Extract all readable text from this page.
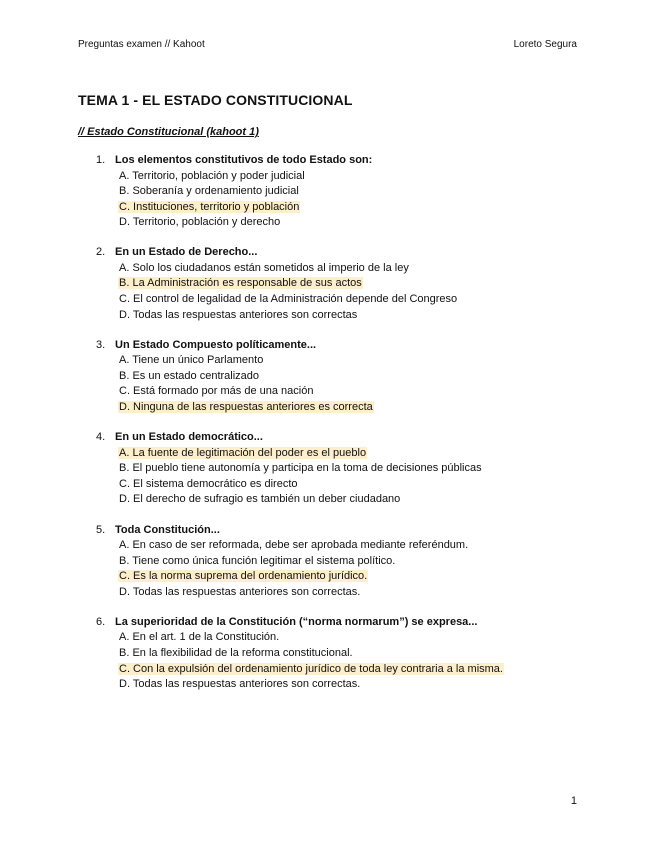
Preguntas examen // Kahoot	Loreto Segura
TEMA 1 - EL ESTADO CONSTITUCIONAL
// Estado Constitucional (kahoot 1)
1. Los elementos constitutivos de todo Estado son:
A. Territorio, población y poder judicial
B. Soberanía y ordenamiento judicial
C. Instituciones, territorio y población
D. Territorio, población y derecho
2. En un Estado de Derecho...
A. Solo los ciudadanos están sometidos al imperio de la ley
B. La Administración es responsable de sus actos
C. El control de legalidad de la Administración depende del Congreso
D. Todas las respuestas anteriores son correctas
3. Un Estado Compuesto políticamente...
A. Tiene un único Parlamento
B. Es un estado centralizado
C. Está formado por más de una nación
D. Ninguna de las respuestas anteriores es correcta
4. En un Estado democrático...
A. La fuente de legitimación del poder es el pueblo
B. El pueblo tiene autonomía y participa en la toma de decisiones públicas
C. El sistema democrático es directo
D. El derecho de sufragio es también un deber ciudadano
5. Toda Constitución...
A. En caso de ser reformada, debe ser aprobada mediante referéndum.
B. Tiene como única función legitimar el sistema político.
C. Es la norma suprema del ordenamiento jurídico.
D. Todas las respuestas anteriores son correctas.
6. La superioridad de la Constitución (“norma normarum”) se expresa...
A. En el art. 1 de la Constitución.
B. En la flexibilidad de la reforma constitucional.
C. Con la expulsión del ordenamiento jurídico de toda ley contraria a la misma.
D. Todas las respuestas anteriores son correctas.
1
